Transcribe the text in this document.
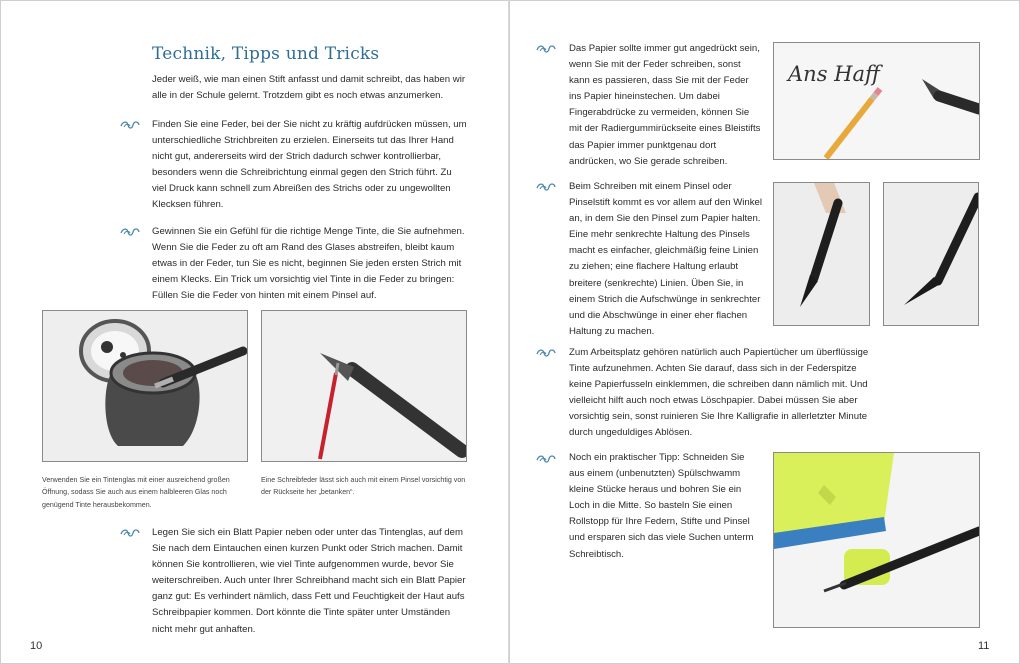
Technik, Tipps und Tricks
Jeder weiß, wie man einen Stift anfasst und damit schreibt, das haben wir alle in der Schule gelernt. Trotzdem gibt es noch etwas anzumerken.
Finden Sie eine Feder, bei der Sie nicht zu kräftig aufdrücken müssen, um unterschiedliche Strichbreiten zu erzielen. Einerseits tut das Ihrer Hand nicht gut, andererseits wird der Strich dadurch schwer kontrollierbar, besonders wenn die Schreibrichtung einmal gegen den Strich führt. Zu viel Druck kann schnell zum Abreißen des Strichs oder zu ungewollten Klecksen führen.
Gewinnen Sie ein Gefühl für die richtige Menge Tinte, die Sie aufnehmen. Wenn Sie die Feder zu oft am Rand des Glases abstreifen, bleibt kaum etwas in der Feder, tun Sie es nicht, beginnen Sie jeden ersten Strich mit einem Klecks. Ein Trick um vorsichtig viel Tinte in die Feder zu bringen: Füllen Sie die Feder von hinten mit einem Pinsel auf.
Verwenden Sie ein Tintenglas mit einer ausreichend großen Öffnung, sodass Sie auch aus einem halbleeren Glas noch genügend Tinte herausbekommen.
Eine Schreibfeder lässt sich auch mit einem Pinsel vorsichtig von der Rückseite her „betanken“.
Legen Sie sich ein Blatt Papier neben oder unter das Tintenglas, auf dem Sie nach dem Eintauchen einen kurzen Punkt oder Strich machen. Damit können Sie kontrollieren, wie viel Tinte aufgenommen wurde, bevor Sie weiterschreiben. Auch unter Ihrer Schreibhand macht sich ein Blatt Papier ganz gut: Es verhindert nämlich, dass Fett und Feuchtigkeit der Haut aufs Schreibpapier kommen. Dort könnte die Tinte später unter Umständen nicht mehr gut anhaften.
10
Das Papier sollte immer gut angedrückt sein, wenn Sie mit der Feder schreiben, sonst kann es passieren, dass Sie mit der Feder ins Papier hineinstechen. Um dabei Fingerabdrücke zu vermeiden, können Sie mit der Radiergummirückseite eines Bleistifts das Papier immer punktgenau dort andrücken, wo Sie gerade schreiben.
Ans Haff
Beim Schreiben mit einem Pinsel oder Pinselstift kommt es vor allem auf den Winkel an, in dem Sie den Pinsel zum Papier halten. Eine mehr senkrechte Haltung des Pinsels macht es einfacher, gleichmäßig feine Linien zu ziehen; eine flachere Haltung erlaubt breitere (senkrechte) Linien. Üben Sie, in einem Strich die Aufschwünge in senkrechter und die Abschwünge in einer eher flachen Haltung zu machen.
Zum Arbeitsplatz gehören natürlich auch Papiertücher um überflüssige Tinte aufzunehmen. Achten Sie darauf, dass sich in der Federspitze keine Papierfusseln einklemmen, die schreiben dann nämlich mit. Und vielleicht hilft auch noch etwas Löschpapier. Dabei müssen Sie aber vorsichtig sein, sonst ruinieren Sie Ihre Kalligrafie in allerletzter Minute durch ungeduldiges Ablösen.
Noch ein praktischer Tipp: Schneiden Sie aus einem (unbenutzten) Spülschwamm kleine Stücke heraus und bohren Sie ein Loch in die Mitte. So basteln Sie einen Rollstopp für Ihre Federn, Stifte und Pinsel und ersparen sich das viele Suchen unterm Schreibtisch.
11
